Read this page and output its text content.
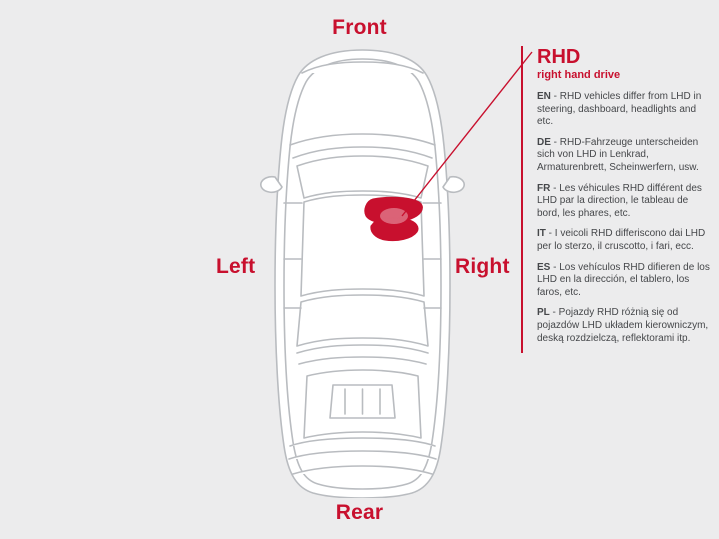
Front
Rear
Left	Right
RHD
right hand drive
EN - RHD vehicles differ from LHD in steering, dashboard, headlights and etc.
DE - RHD-Fahrzeuge unterscheiden sich von LHD in Lenkrad, Armaturenbrett, Scheinwerfern, usw.
FR - Les véhicules RHD différent des LHD par la direction, le tableau de bord, les phares, etc.
IT - I veicoli RHD differiscono dai LHD per lo sterzo, il cruscotto, i fari, ecc.
ES - Los vehículos RHD difieren de los LHD en la dirección, el tablero, los faros, etc.
PL - Pojazdy RHD różnią się od pojazdów LHD układem kierowniczym, deską rozdzielczą, reflektorami itp.
